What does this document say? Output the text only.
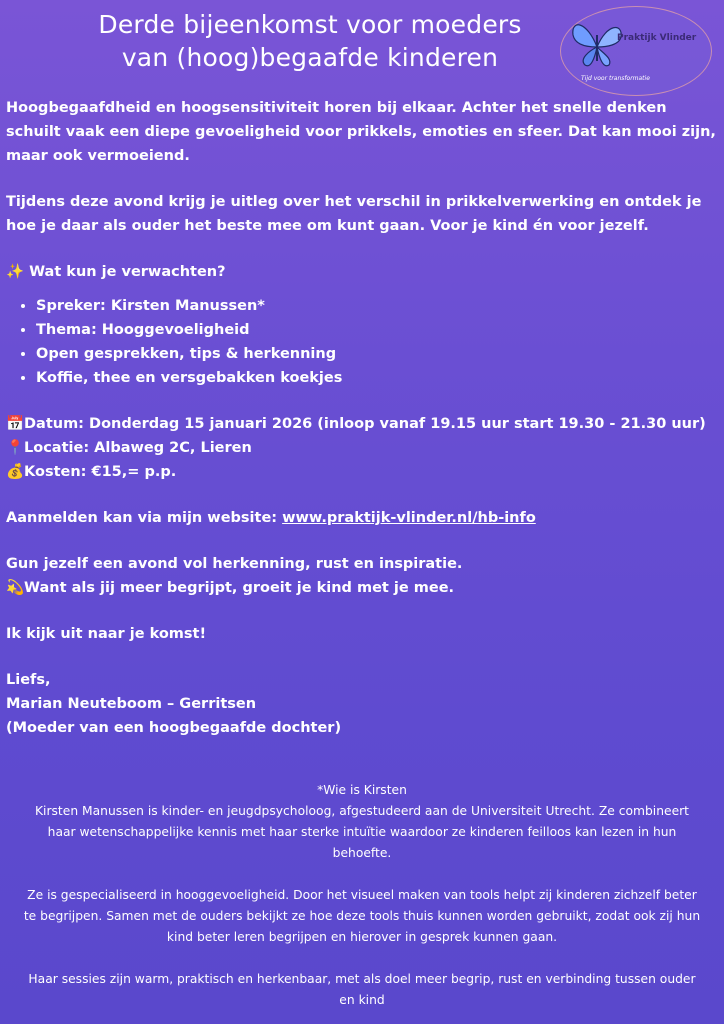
Derde bijeenkomst voor moeders
van (hoog)begaafde kinderen
Praktijk Vlinder
Tijd voor transformatie

Hoogbegaafdheid en hoogsensitiviteit horen bij elkaar. Achter het snelle denken schuilt vaak een diepe gevoeligheid voor prikkels, emoties en sfeer. Dat kan mooi zijn, maar ook vermoeiend.

Tijdens deze avond krijg je uitleg over het verschil in prikkelverwerking en ontdek je hoe je daar als ouder het beste mee om kunt gaan. Voor je kind én voor jezelf.

✨ Wat kun je verwachten?

• Spreker: Kirsten Manussen*
• Thema: Hooggevoeligheid
• Open gesprekken, tips & herkenning
• Koffie, thee en versgebakken koekjes

📅Datum: Donderdag 15 januari 2026 (inloop vanaf 19.15 uur start 19.30 - 21.30 uur)

📍Locatie: Albaweg 2C, Lieren

💰Kosten: €15,= p.p.

Aanmelden kan via mijn website: www.praktijk-vlinder.nl/hb-info

Gun jezelf een avond vol herkenning, rust en inspiratie.

💫Want als jij meer begrijpt, groeit je kind met je mee.

Ik kijk uit naar je komst!

Liefs,

Marian Neuteboom – Gerritsen

(Moeder van een hoogbegaafde dochter)

*Wie is Kirsten

Kirsten Manussen is kinder- en jeugdpsycholoog, afgestudeerd aan de Universiteit Utrecht. Ze combineert haar wetenschappelijke kennis met haar sterke intuïtie waardoor ze kinderen feilloos kan lezen in hun behoefte.

Ze is gespecialiseerd in hooggevoeligheid. Door het visueel maken van tools helpt zij kinderen zichzelf beter te begrijpen. Samen met de ouders bekijkt ze hoe deze tools thuis kunnen worden gebruikt, zodat ook zij hun kind beter leren begrijpen en hierover in gesprek kunnen gaan.

Haar sessies zijn warm, praktisch en herkenbaar, met als doel meer begrip, rust en verbinding tussen ouder en kind
